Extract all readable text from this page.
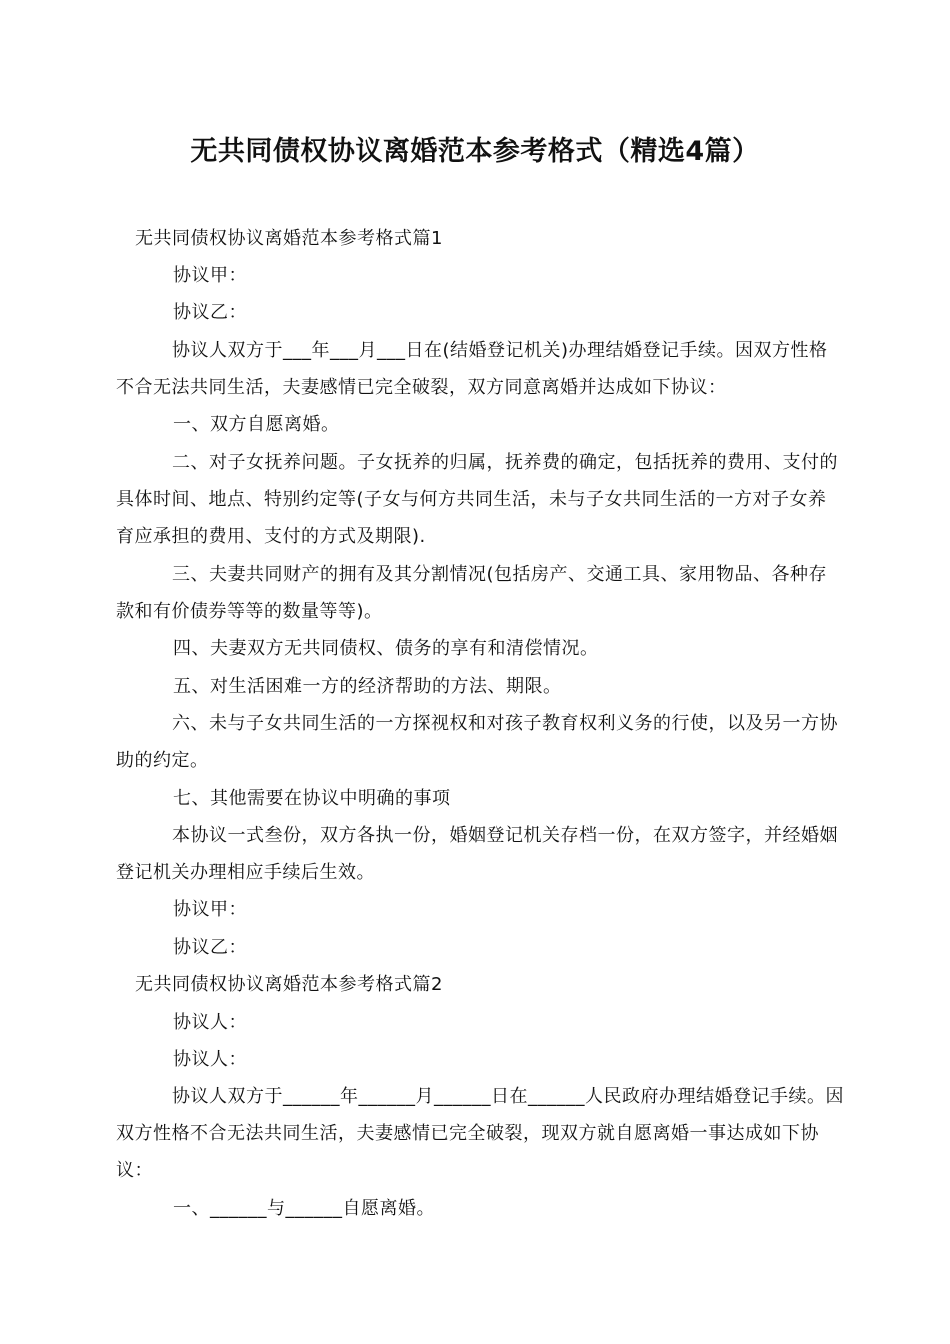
无共同债权协议离婚范本参考格式（精选4篇）

无共同债权协议离婚范本参考格式篇1

协议甲：

协议乙：

协议人双方于___年___月___日在(结婚登记机关)办理结婚登记手续。因双方性格不合无法共同生活，夫妻感情已完全破裂，双方同意离婚并达成如下协议：

一、双方自愿离婚。

二、对子女抚养问题。子女抚养的归属，抚养费的确定，包括抚养的费用、支付的具体时间、地点、特别约定等(子女与何方共同生活，未与子女共同生活的一方对子女养育应承担的费用、支付的方式及期限).

三、夫妻共同财产的拥有及其分割情况(包括房产、交通工具、家用物品、各种存款和有价债券等等的数量等等)。

四、夫妻双方无共同债权、债务的享有和清偿情况。

五、对生活困难一方的经济帮助的方法、期限。

六、未与子女共同生活的一方探视权和对孩子教育权利义务的行使，以及另一方协助的约定。

七、其他需要在协议中明确的事项

本协议一式叁份，双方各执一份，婚姻登记机关存档一份，在双方签字，并经婚姻登记机关办理相应手续后生效。

协议甲：

协议乙：

无共同债权协议离婚范本参考格式篇2

协议人：

协议人：

协议人双方于______年______月______日在______人民政府办理结婚登记手续。因双方性格不合无法共同生活，夫妻感情已完全破裂，现双方就自愿离婚一事达成如下协议：

一、______与______自愿离婚。
